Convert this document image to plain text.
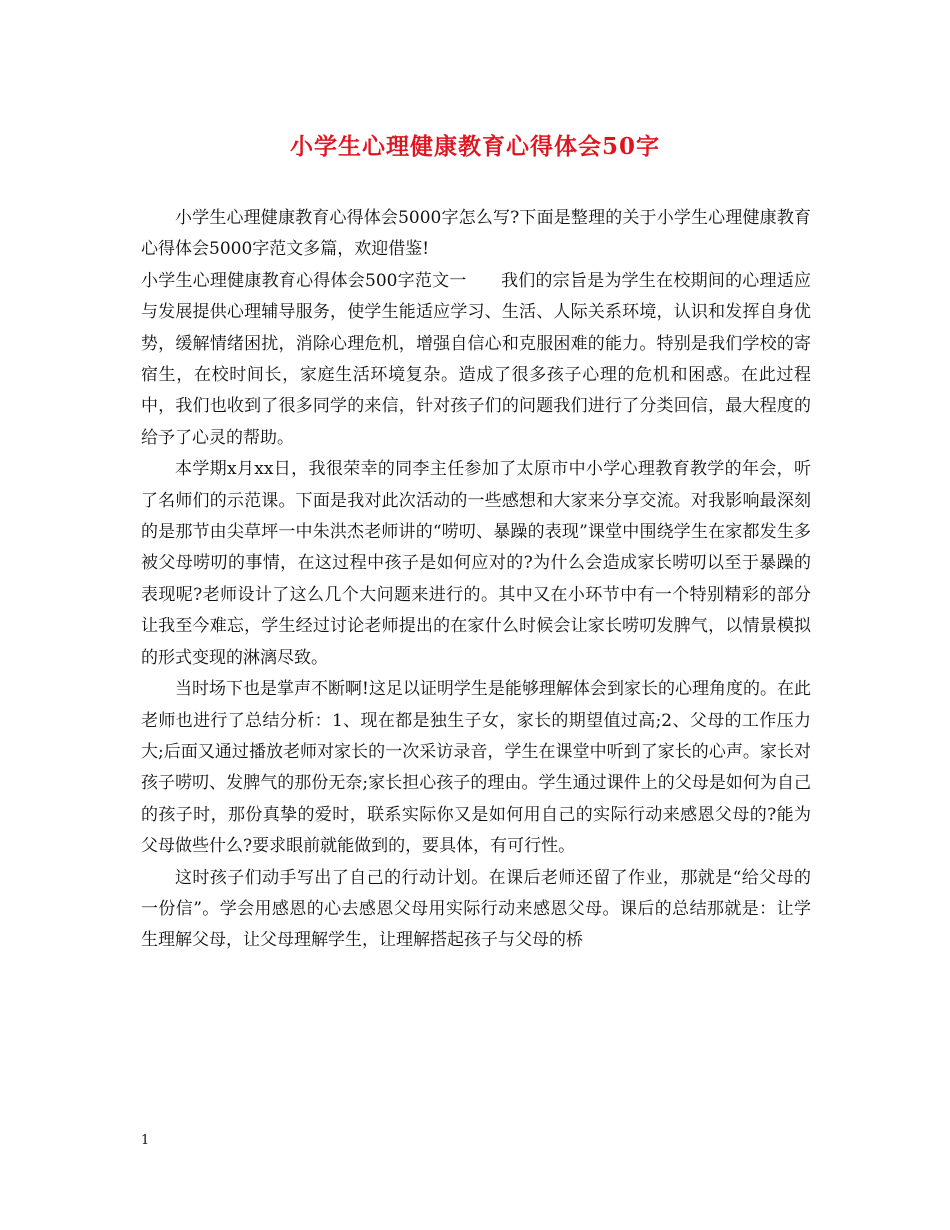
小学生心理健康教育心得体会50字

小学生心理健康教育心得体会5000字怎么写?下面是整理的关于小学生心理健康教育心得体会5000字范文多篇，欢迎借鉴!

小学生心理健康教育心得体会500字范文一　　我们的宗旨是为学生在校期间的心理适应与发展提供心理辅导服务，使学生能适应学习、生活、人际关系环境，认识和发挥自身优势，缓解情绪困扰，消除心理危机，增强自信心和克服困难的能力。特别是我们学校的寄宿生，在校时间长，家庭生活环境复杂。造成了很多孩子心理的危机和困惑。在此过程中，我们也收到了很多同学的来信，针对孩子们的问题我们进行了分类回信，最大程度的给予了心灵的帮助。

本学期x月xx日，我很荣幸的同李主任参加了太原市中小学心理教育教学的年会，听了名师们的示范课。下面是我对此次活动的一些感想和大家来分享交流。对我影响最深刻的是那节由尖草坪一中朱洪杰老师讲的“唠叨、暴躁的表现”课堂中围绕学生在家都发生多被父母唠叨的事情，在这过程中孩子是如何应对的?为什么会造成家长唠叨以至于暴躁的表现呢?老师设计了这么几个大问题来进行的。其中又在小环节中有一个特别精彩的部分让我至今难忘，学生经过讨论老师提出的在家什么时候会让家长唠叨发脾气，以情景模拟的形式变现的淋漓尽致。

当时场下也是掌声不断啊!这足以证明学生是能够理解体会到家长的心理角度的。在此老师也进行了总结分析：1、现在都是独生子女，家长的期望值过高;2、父母的工作压力大;后面又通过播放老师对家长的一次采访录音，学生在课堂中听到了家长的心声。家长对孩子唠叨、发脾气的那份无奈;家长担心孩子的理由。学生通过课件上的父母是如何为自己的孩子时，那份真挚的爱时，联系实际你又是如何用自己的实际行动来感恩父母的?能为父母做些什么?要求眼前就能做到的，要具体，有可行性。

这时孩子们动手写出了自己的行动计划。在课后老师还留了作业，那就是“给父母的一份信”。学会用感恩的心去感恩父母用实际行动来感恩父母。课后的总结那就是：让学生理解父母，让父母理解学生，让理解搭起孩子与父母的桥

1
